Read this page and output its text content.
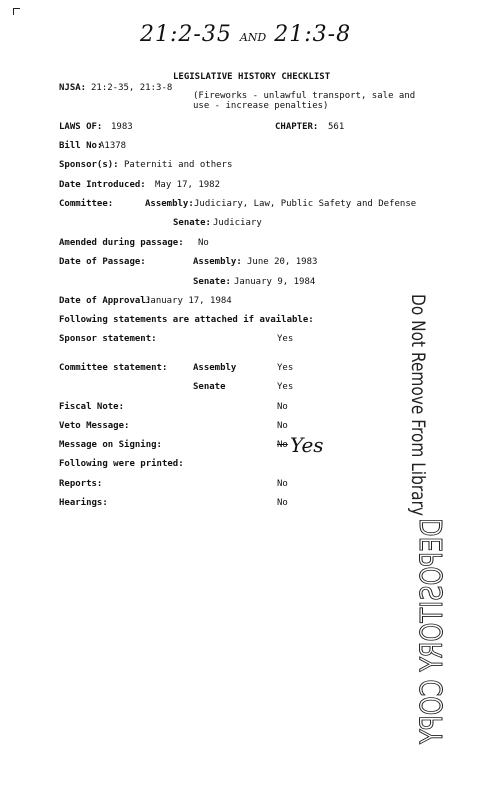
21:2-35 AND 21:3-8
LEGISLATIVE HISTORY CHECKLIST
NJSA: 21:2-35, 21:3-8
(Fireworks - unlawful transport, sale and
use - increase penalties)
LAWS OF: 1983	CHAPTER: 561
Bill No:
A1378
Sponsor(s): Paterniti and others
Date Introduced: May 17, 1982
Committee:	Assembly: Judiciary, Law, Public Safety and Defense
Senate: Judiciary
Amended during passage: No
Date of Passage:	Assembly: June 20, 1983
Senate: January 9, 1984
Date of Approval:
January 17, 1984
Following statements are attached if available:
Sponsor statement:	Yes
Committee statement:	Assembly	Yes
Senate	Yes
Fiscal Note:	No
Veto Message:	No
Message on Signing:	No Yes
Following were printed:
Reports:	No
Hearings:	No
DEPOSITORY COPY
Do Not Remove From Library
